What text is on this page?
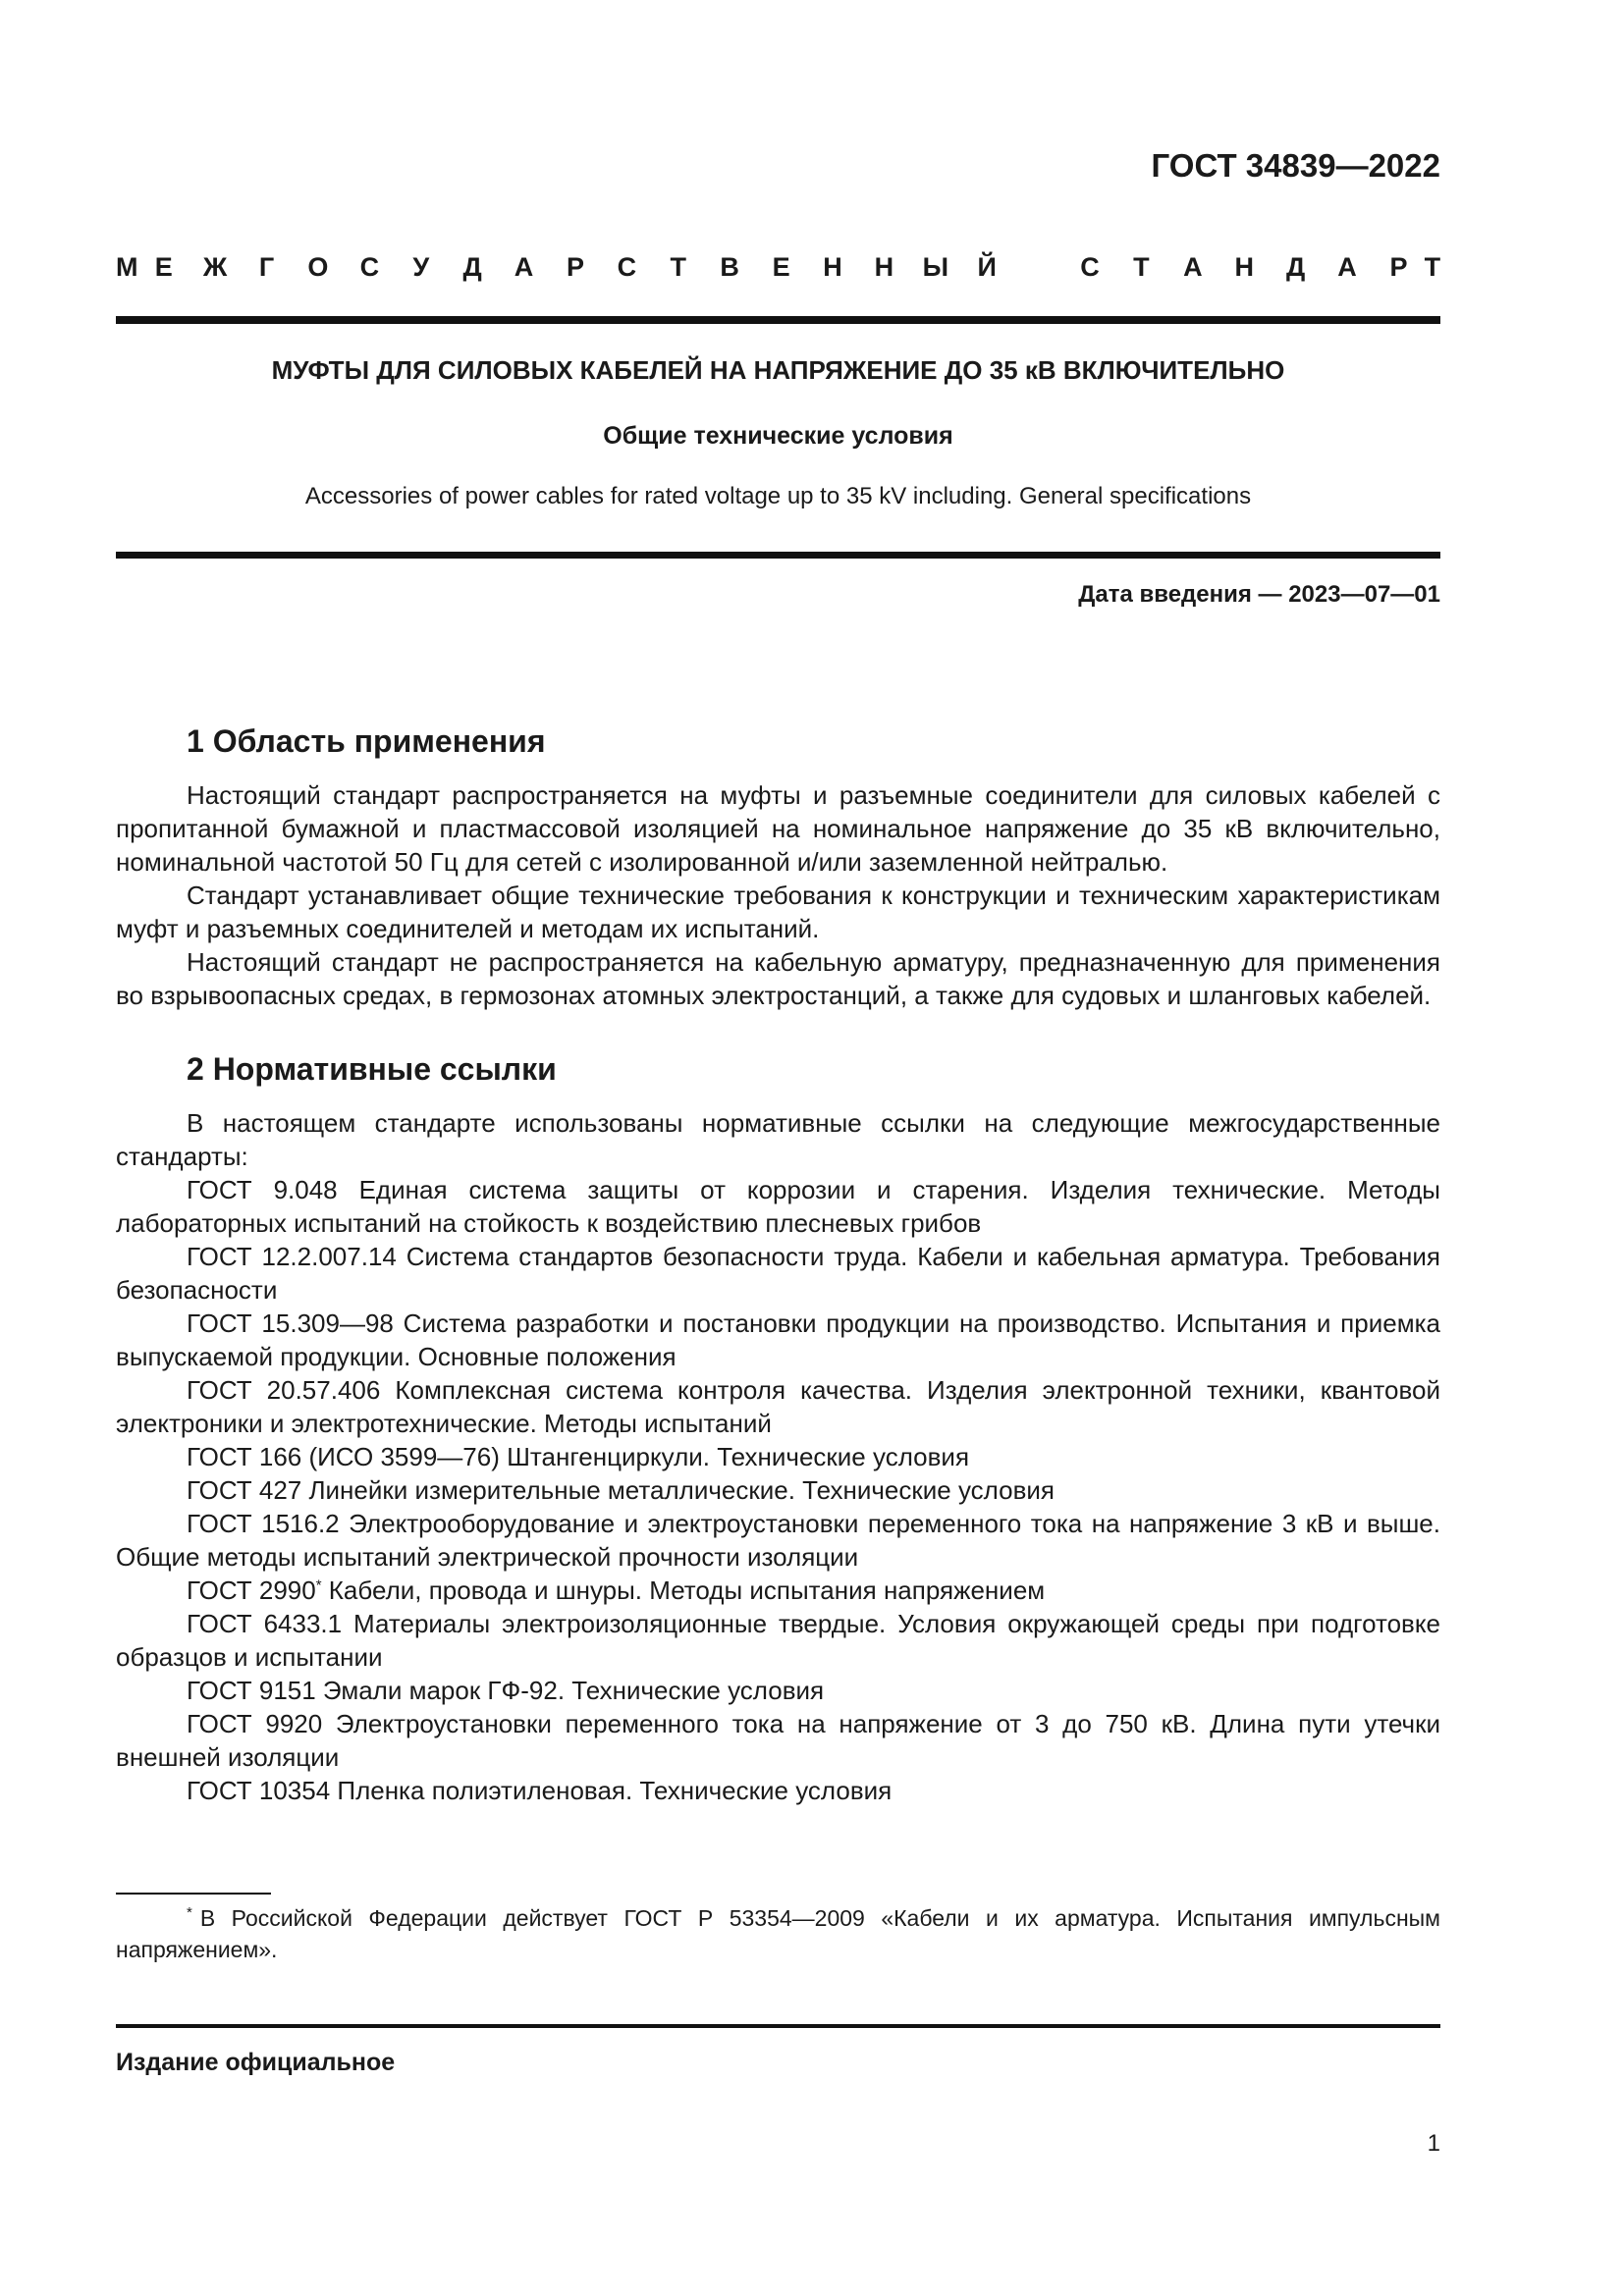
ГОСТ 34839—2022
М Е	Ж	Г	О	С	У	Д	А	Р	С	Т	В	Е	Н	Н	Ы	Й	С	Т	А	Н	Д	А	Р Т
МУФТЫ ДЛЯ СИЛОВЫХ КАБЕЛЕЙ НА НАПРЯЖЕНИЕ ДО 35 кВ ВКЛЮЧИТЕЛЬНО
Общие технические условия
Accessories of power cables for rated voltage up to 35 kV including. General specifications
Дата введения — 2023—07—01
1 Область применения

Настоящий стандарт распространяется на муфты и разъемные соединители для силовых кабелей с пропитанной бумажной и пластмассовой изоляцией на номинальное напряжение до 35 кВ включительно, номинальной частотой 50 Гц для сетей с изолированной и/или заземленной нейтралью.

Стандарт устанавливает общие технические требования к конструкции и техническим характеристикам муфт и разъемных соединителей и методам их испытаний.

Настоящий стандарт не распространяется на кабельную арматуру, предназначенную для применения во взрывоопасных средах, в гермозонах атомных электростанций, а также для судовых и шланговых кабелей.

2 Нормативные ссылки

В настоящем стандарте использованы нормативные ссылки на следующие межгосударственные стандарты:

ГОСТ 9.048 Единая система защиты от коррозии и старения. Изделия технические. Методы лабораторных испытаний на стойкость к воздействию плесневых грибов

ГОСТ 12.2.007.14 Система стандартов безопасности труда. Кабели и кабельная арматура. Требования безопасности

ГОСТ 15.309—98 Система разработки и постановки продукции на производство. Испытания и приемка выпускаемой продукции. Основные положения

ГОСТ 20.57.406 Комплексная система контроля качества. Изделия электронной техники, квантовой электроники и электротехнические. Методы испытаний

ГОСТ 166 (ИСО 3599—76) Штангенциркули. Технические условия

ГОСТ 427 Линейки измерительные металлические. Технические условия

ГОСТ 1516.2 Электрооборудование и электроустановки переменного тока на напряжение 3 кВ и выше. Общие методы испытаний электрической прочности изоляции

ГОСТ 2990* Кабели, провода и шнуры. Методы испытания напряжением

ГОСТ 6433.1 Материалы электроизоляционные твердые. Условия окружающей среды при подготовке образцов и испытании

ГОСТ 9151 Эмали марок ГФ-92. Технические условия

ГОСТ 9920 Электроустановки переменного тока на напряжение от 3 до 750 кВ. Длина пути утечки внешней изоляции

ГОСТ 10354 Пленка полиэтиленовая. Технические условия

* В Российской Федерации действует ГОСТ Р 53354—2009 «Кабели и их арматура. Испытания импульсным напряжением».
Издание официальное
1
